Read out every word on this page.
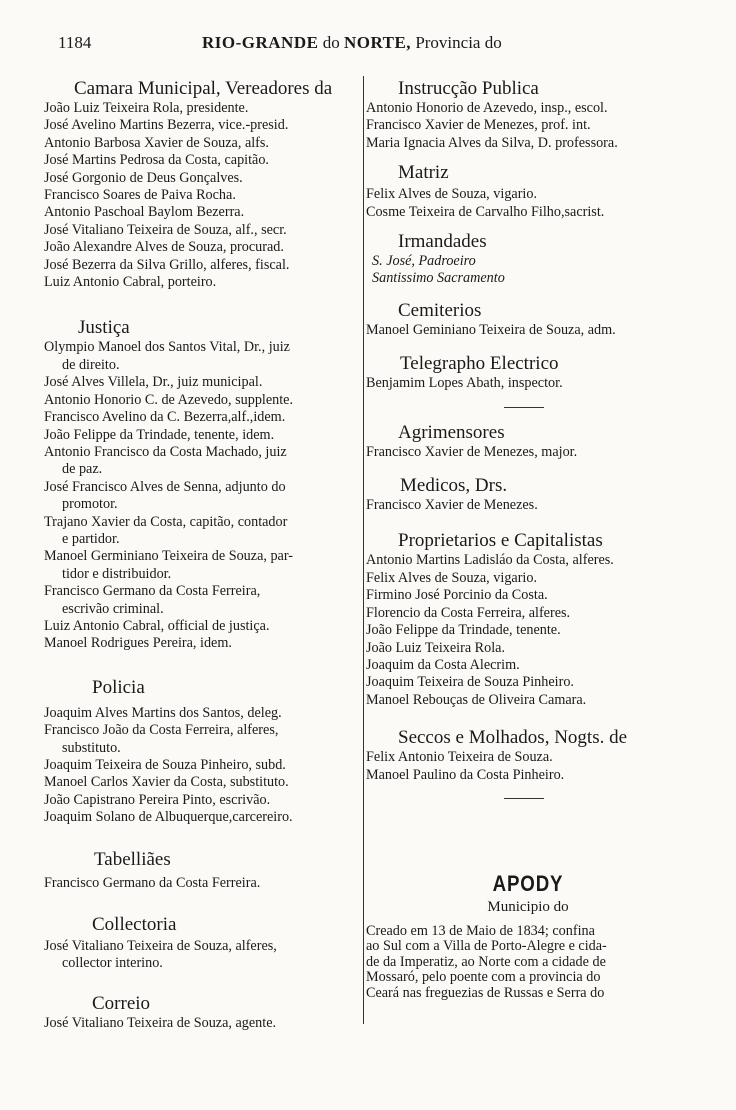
1184	RIO-GRANDE do NORTE, Provincia do
Camara Municipal, Vereadores da
João Luiz Teixeira Rola, presidente.
José Avelino Martins Bezerra, vice.-presid.
Antonio Barbosa Xavier de Souza, alfs.
José Martins Pedrosa da Costa, capitão.
José Gorgonio de Deus Gonçalves.
Francisco Soares de Paiva Rocha.
Antonio Paschoal Baylom Bezerra.
José Vitaliano Teixeira de Souza, alf., secr.
João Alexandre Alves de Souza, procurad.
José Bezerra da Silva Grillo, alferes, fiscal.
Luiz Antonio Cabral, porteiro.
Justiça
Olympio Manoel dos Santos Vital, Dr., juiz
de direito.
José Alves Villela, Dr., juiz municipal.
Antonio Honorio C. de Azevedo, supplente.
Francisco Avelino da C. Bezerra,alf.,idem.
João Felippe da Trindade, tenente, idem.
Antonio Francisco da Costa Machado, juiz
de paz.
José Francisco Alves de Senna, adjunto do
promotor.
Trajano Xavier da Costa, capitão, contador
e partidor.
Manoel Germiniano Teixeira de Souza, par-
tidor e distribuidor.
Francisco Germano da Costa Ferreira,
escrivão criminal.
Luiz Antonio Cabral, official de justiça.
Manoel Rodrigues Pereira, idem.
Policia
Joaquim Alves Martins dos Santos, deleg.
Francisco João da Costa Ferreira, alferes,
substituto.
Joaquim Teixeira de Souza Pinheiro, subd.
Manoel Carlos Xavier da Costa, substituto.
João Capistrano Pereira Pinto, escrivão.
Joaquim Solano de Albuquerque,carcereiro.
Tabelliães
Francisco Germano da Costa Ferreira.
Collectoria
José Vitaliano Teixeira de Souza, alferes,
collector interino.
Correio
José Vitaliano Teixeira de Souza, agente.
Instrucção Publica
Antonio Honorio de Azevedo, insp., escol.
Francisco Xavier de Menezes, prof. int.
Maria Ignacia Alves da Silva, D. professora.
Matriz
Felix Alves de Souza, vigario.
Cosme Teixeira de Carvalho Filho,sacrist.
Irmandades
S. José, Padroeiro
Santissimo Sacramento
Cemiterios
Manoel Geminiano Teixeira de Souza, adm.
Telegrapho Electrico
Benjamim Lopes Abath, inspector.
Agrimensores
Francisco Xavier de Menezes, major.
Medicos, Drs.
Francisco Xavier de Menezes.
Proprietarios e Capitalistas
Antonio Martins Ladisláo da Costa, alferes.
Felix Alves de Souza, vigario.
Firmino José Porcinio da Costa.
Florencio da Costa Ferreira, alferes.
João Felippe da Trindade, tenente.
João Luiz Teixeira Rola.
Joaquim da Costa Alecrim.
Joaquim Teixeira de Souza Pinheiro.
Manoel Rebouças de Oliveira Camara.
Seccos e Molhados, Nogts. de
Felix Antonio Teixeira de Souza.
Manoel Paulino da Costa Pinheiro.
APODY
Municipio do
Creado em 13 de Maio de 1834; confina
ao Sul com a Villa de Porto-Alegre e cida-
de da Imperatiz, ao Norte com a cidade de
Mossaró, pelo poente com a provincia do
Ceará nas freguezias de Russas e Serra do
